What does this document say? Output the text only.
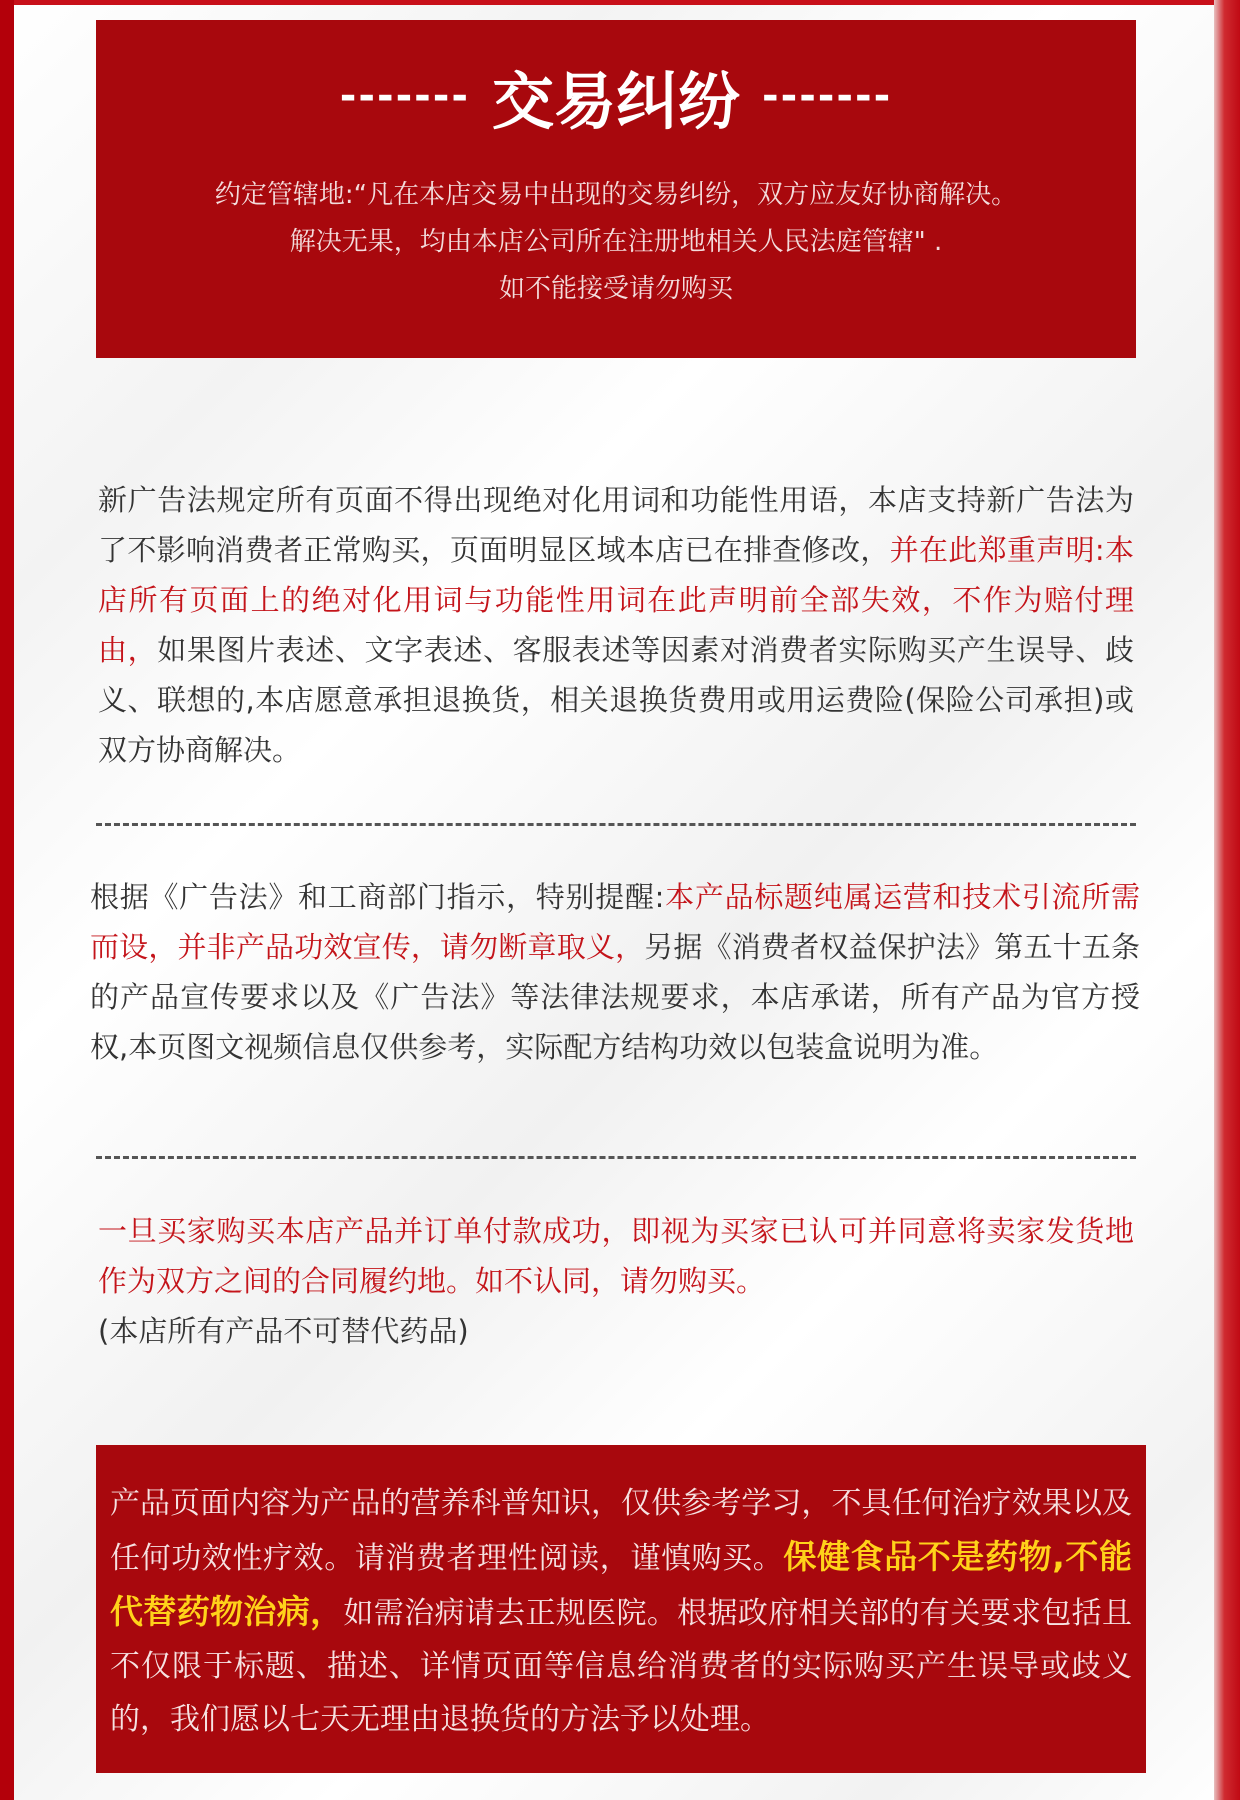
------- 交易纠纷 -------
约定管辖地:“凡在本店交易中出现的交易纠纷，双方应友好协商解决。
解决无果，均由本店公司所在注册地相关人民法庭管辖" .
如不能接受请勿购买

新广告法规定所有页面不得出现绝对化用词和功能性用语，本店支持新广告法为了不影响消费者正常购买，页面明显区域本店已在排查修改，并在此郑重声明:本店所有页面上的绝对化用词与功能性用词在此声明前全部失效，不作为赔付理由，如果图片表述、文字表述、客服表述等因素对消费者实际购买产生误导、歧义、联想的,本店愿意承担退换货，相关退换货费用或用运费险(保险公司承担)或双方协商解决。

根据《广告法》和工商部门指示，特别提醒:本产品标题纯属运营和技术引流所需而设，并非产品功效宣传，请勿断章取义，另据《消费者权益保护法》第五十五条的产品宣传要求以及《广告法》等法律法规要求，本店承诺，所有产品为官方授权,本页图文视频信息仅供参考，实际配方结构功效以包装盒说明为准。

一旦买家购买本店产品并订单付款成功，即视为买家已认可并同意将卖家发货地作为双方之间的合同履约地。如不认同，请勿购买。

(本店所有产品不可替代药品)

产品页面内容为产品的营养科普知识，仅供参考学习，不具任何治疗效果以及任何功效性疗效。请消费者理性阅读，谨慎购买。保健食品不是药物,不能代替药物治病，如需治病请去正规医院。根据政府相关部的有关要求包括且不仅限于标题、描述、详情页面等信息给消费者的实际购买产生误导或歧义的，我们愿以七天无理由退换货的方法予以处理。
